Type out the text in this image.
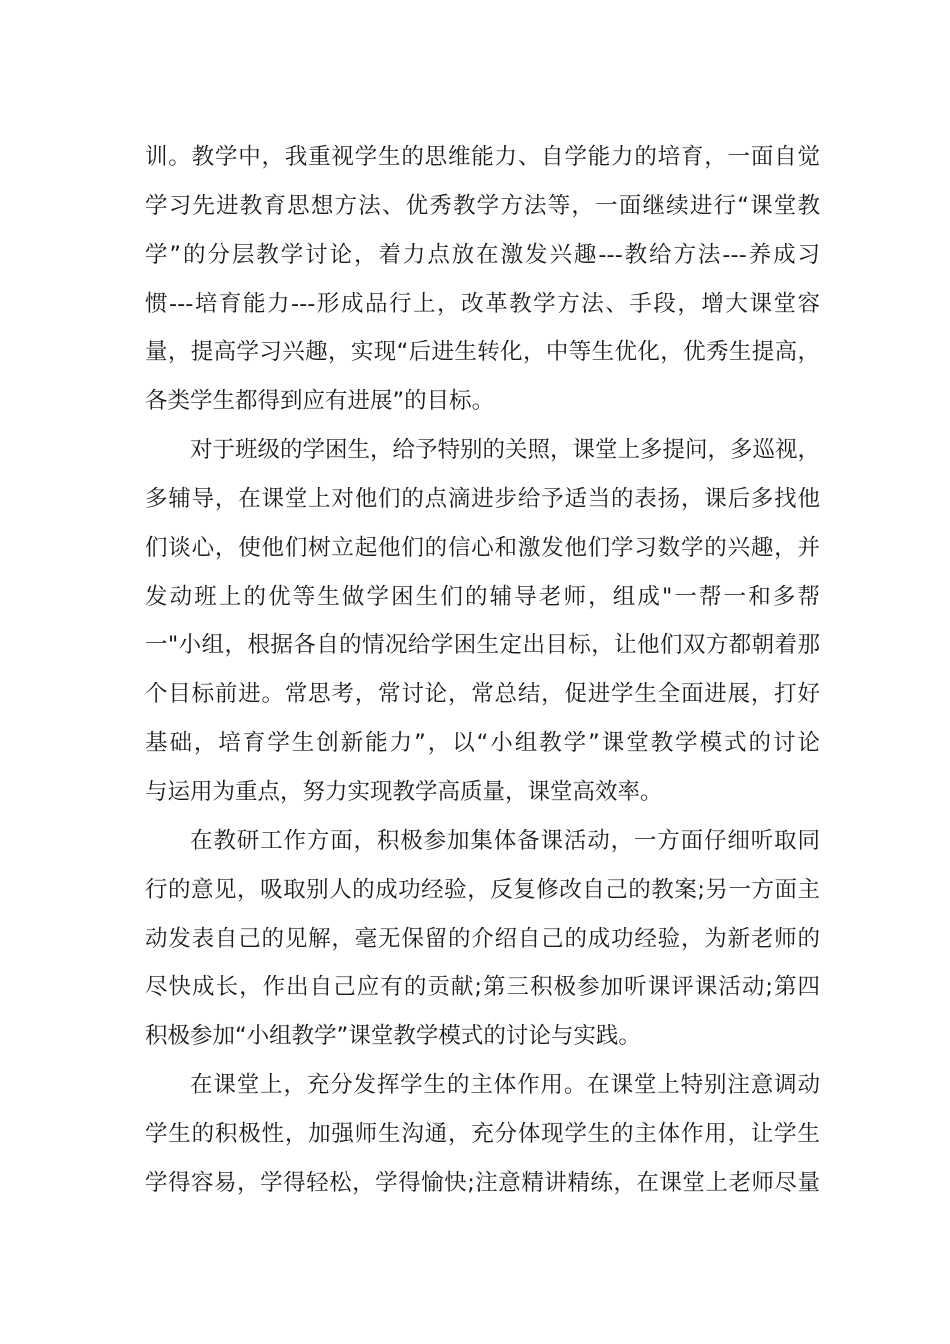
训。教学中，我重视学生的思维能力、自学能力的培育，一面自觉
学习先进教育思想方法、优秀教学方法等，一面继续进行“课堂教
学”的分层教学讨论，着力点放在激发兴趣---教给方法---养成习
惯---培育能力---形成品行上，改革教学方法、手段，增大课堂容
量，提高学习兴趣，实现“后进生转化，中等生优化，优秀生提高，
各类学生都得到应有进展”的目标。

对于班级的学困生，给予特别的关照，课堂上多提问，多巡视，
多辅导，在课堂上对他们的点滴进步给予适当的表扬，课后多找他
们谈心，使他们树立起他们的信心和激发他们学习数学的兴趣，并
发动班上的优等生做学困生们的辅导老师，组成"一帮一和多帮
一"小组，根据各自的情况给学困生定出目标，让他们双方都朝着那
个目标前进。常思考，常讨论，常总结，促进学生全面进展，打好
基础，培育学生创新能力”，以“小组教学”课堂教学模式的讨论
与运用为重点，努力实现教学高质量，课堂高效率。

在教研工作方面，积极参加集体备课活动，一方面仔细听取同
行的意见，吸取别人的成功经验，反复修改自己的教案;另一方面主
动发表自己的见解，毫无保留的介绍自己的成功经验，为新老师的
尽快成长，作出自己应有的贡献;第三积极参加听课评课活动;第四
积极参加“小组教学”课堂教学模式的讨论与实践。

在课堂上，充分发挥学生的主体作用。在课堂上特别注意调动
学生的积极性，加强师生沟通，充分体现学生的主体作用，让学生
学得容易，学得轻松，学得愉快;注意精讲精练，在课堂上老师尽量
